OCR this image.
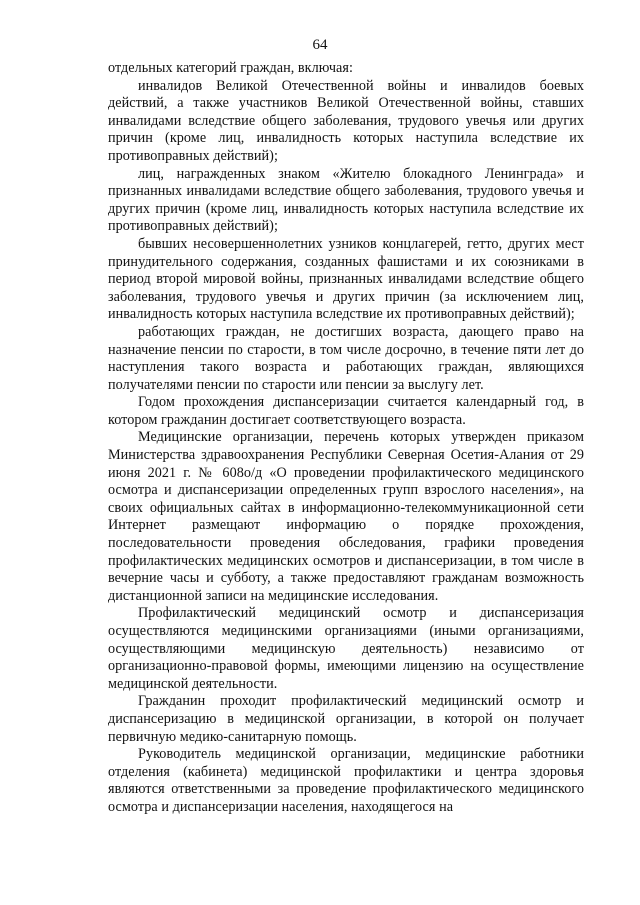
64

отдельных категорий граждан, включая:

инвалидов Великой Отечественной войны и инвалидов боевых действий, а также участников Великой Отечественной войны, ставших инвалидами вследствие общего заболевания, трудового увечья или других причин (кроме лиц, инвалидность которых наступила вследствие их противоправных действий);

лиц, награжденных знаком «Жителю блокадного Ленинграда» и признанных инвалидами вследствие общего заболевания, трудового увечья и других причин (кроме лиц, инвалидность которых наступила вследствие их противоправных действий);

бывших несовершеннолетних узников концлагерей, гетто, других мест принудительного содержания, созданных фашистами и их союзниками в период второй мировой войны, признанных инвалидами вследствие общего заболевания, трудового увечья и других причин (за исключением лиц, инвалидность которых наступила вследствие их противоправных действий);

работающих граждан, не достигших возраста, дающего право на назначение пенсии по старости, в том числе досрочно, в течение пяти лет до наступления такого возраста и работающих граждан, являющихся получателями пенсии по старости или пенсии за выслугу лет.

Годом прохождения диспансеризации считается календарный год, в котором гражданин достигает соответствующего возраста.

Медицинские организации, перечень которых утвержден приказом Министерства здравоохранения Республики Северная Осетия-Алания от 29 июня 2021 г. № 608о/д «О проведении профилактического медицинского осмотра и диспансеризации определенных групп взрослого населения», на своих официальных сайтах в информационно-телекоммуникационной сети Интернет размещают информацию о порядке прохождения, последовательности проведения обследования, графики проведения профилактических медицинских осмотров и диспансеризации, в том числе в вечерние часы и субботу, а также предоставляют гражданам возможность дистанционной записи на медицинские исследования.

Профилактический медицинский осмотр и диспансеризация осуществляются медицинскими организациями (иными организациями, осуществляющими медицинскую деятельность) независимо от организационно-правовой формы, имеющими лицензию на осуществление медицинской деятельности.

Гражданин проходит профилактический медицинский осмотр и диспансеризацию в медицинской организации, в которой он получает первичную медико-санитарную помощь.

Руководитель медицинской организации, медицинские работники отделения (кабинета) медицинской профилактики и центра здоровья являются ответственными за проведение профилактического медицинского осмотра и диспансеризации населения, находящегося на
